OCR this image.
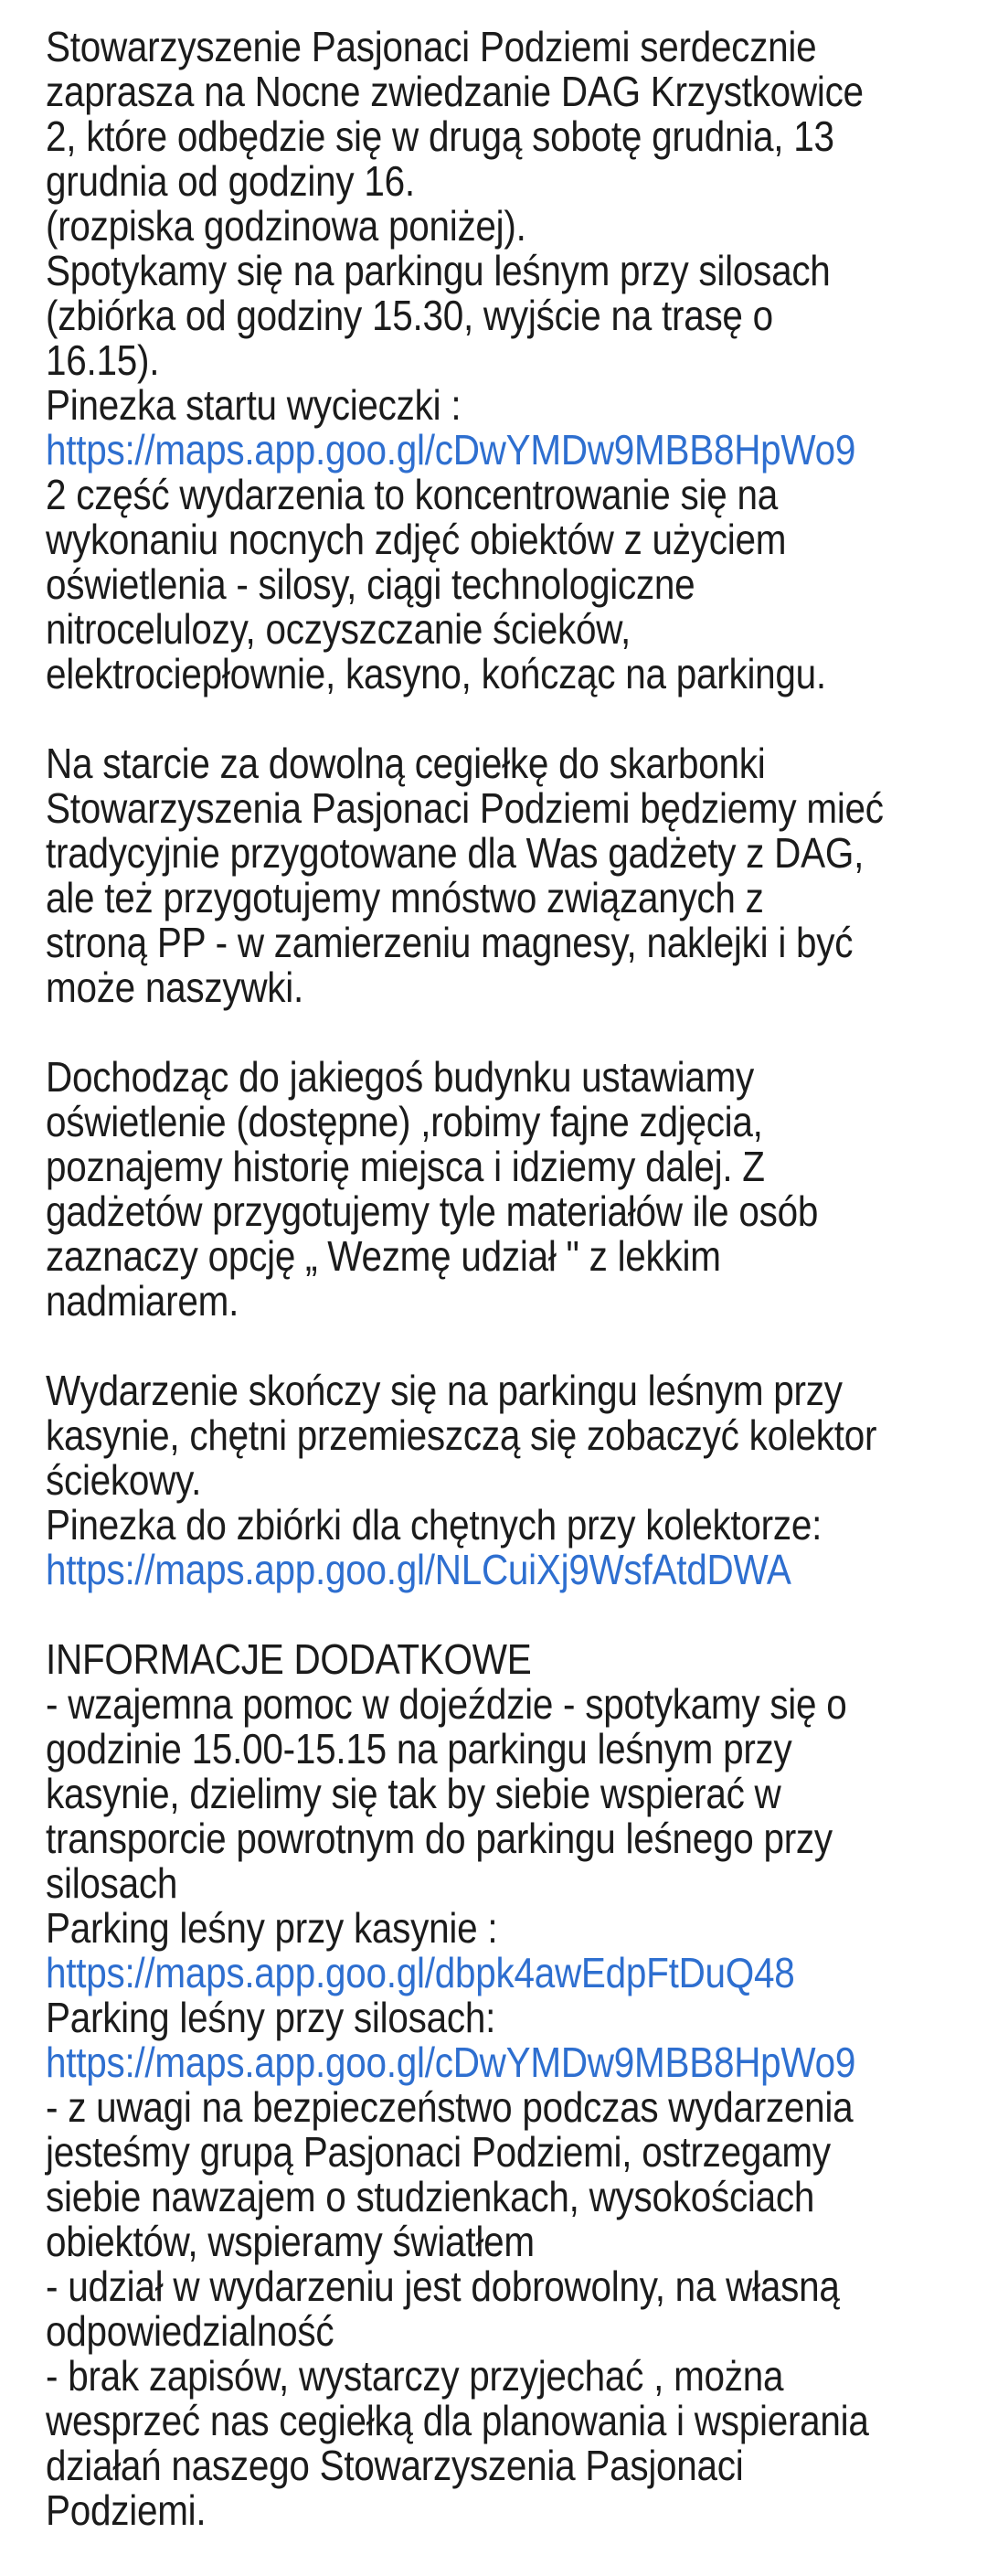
Stowarzyszenie Pasjonaci Podziemi serdecznie
zaprasza na Nocne zwiedzanie DAG Krzystkowice
2, które odbędzie się w drugą sobotę grudnia, 13
grudnia od godziny 16.
(rozpiska godzinowa poniżej).
Spotykamy się na parkingu leśnym przy silosach
(zbiórka od godziny 15.30, wyjście na trasę o
16.15).
Pinezka startu wycieczki :
https://maps.app.goo.gl/cDwYMDw9MBB8HpWo9
2 część wydarzenia to koncentrowanie się na
wykonaniu nocnych zdjęć obiektów z użyciem
oświetlenia - silosy, ciągi technologiczne
nitrocelulozy, oczyszczanie ścieków,
elektrociepłownie, kasyno, kończąc na parkingu.
Na starcie za dowolną cegiełkę do skarbonki
Stowarzyszenia Pasjonaci Podziemi będziemy mieć
tradycyjnie przygotowane dla Was gadżety z DAG,
ale też przygotujemy mnóstwo związanych z
stroną PP - w zamierzeniu magnesy, naklejki i być
może naszywki.
Dochodząc do jakiegoś budynku ustawiamy
oświetlenie (dostępne) ,robimy fajne zdjęcia,
poznajemy historię miejsca i idziemy dalej. Z
gadżetów przygotujemy tyle materiałów ile osób
zaznaczy opcję „ Wezmę udział " z lekkim
nadmiarem.
Wydarzenie skończy się na parkingu leśnym przy
kasynie, chętni przemieszczą się zobaczyć kolektor
ściekowy.
Pinezka do zbiórki dla chętnych przy kolektorze:
https://maps.app.goo.gl/NLCuiXj9WsfAtdDWA
INFORMACJE DODATKOWE
- wzajemna pomoc w dojeździe - spotykamy się o
godzinie 15.00-15.15 na parkingu leśnym przy
kasynie, dzielimy się tak by siebie wspierać w
transporcie powrotnym do parkingu leśnego przy
silosach
Parking leśny przy kasynie :
https://maps.app.goo.gl/dbpk4awEdpFtDuQ48
Parking leśny przy silosach:
https://maps.app.goo.gl/cDwYMDw9MBB8HpWo9
- z uwagi na bezpieczeństwo podczas wydarzenia
jesteśmy grupą Pasjonaci Podziemi, ostrzegamy
siebie nawzajem o studzienkach, wysokościach
obiektów, wspieramy światłem
- udział w wydarzeniu jest dobrowolny, na własną
odpowiedzialność
- brak zapisów, wystarczy przyjechać , można
wesprzeć nas cegiełką dla planowania i wspierania
działań naszego Stowarzyszenia Pasjonaci
Podziemi.
